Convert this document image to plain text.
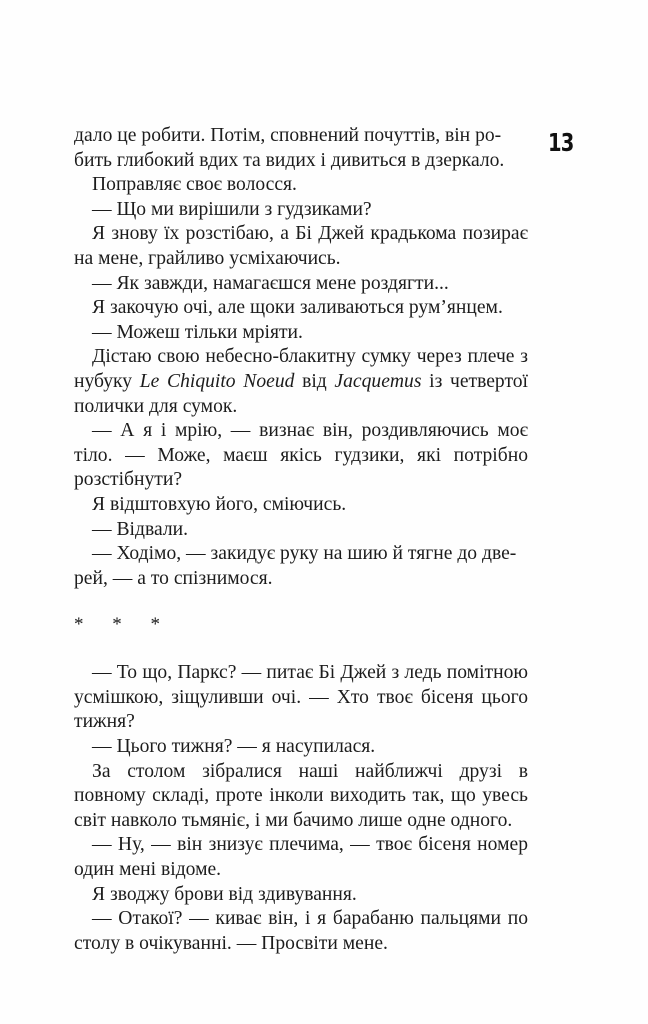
13

дало це робити. Потім, сповнений почуттів, він ро-
бить глибокий вдих та видих і дивиться в дзеркало.

Поправляє своє волосся.

— Що ми вирішили з гудзиками?

Я знову їх розстібаю, а Бі Джей крадькома позирає на мене, грайливо усміхаючись.

— Як завжди, намагаєшся мене роздягти...

Я закочую очі, але щоки заливаються рум’янцем.

— Можеш тільки мріяти.

Дістаю свою небесно-блакитну сумку через плече з нубуку Le Chiquito Noeud від Jacquemus із четвертої полички для сумок.

— А я і мрію, — визнає він, роздивляючись моє тіло. — Може, маєш якісь гудзики, які потрібно розстібнути?

Я відштовхую його, сміючись.

— Відвали.

— Ходімо, — закидує руку на шию й тягне до две-
рей, — а то спізнимося.

* * *

— То що, Паркс? — питає Бі Джей з ледь помітною усмішкою, зіщуливши очі. — Хто твоє бісеня цього тижня?

— Цього тижня? — я насупилася.

За столом зібралися наші найближчі друзі в повному складі, проте інколи виходить так, що увесь світ навколо тьмяніє, і ми бачимо лише одне одного.

— Ну, — він знизує плечима, — твоє бісеня номер один мені відоме.

Я зводжу брови від здивування.

— Отакої? — киває він, і я барабаню пальцями по столу в очікуванні. — Просвіти мене.
